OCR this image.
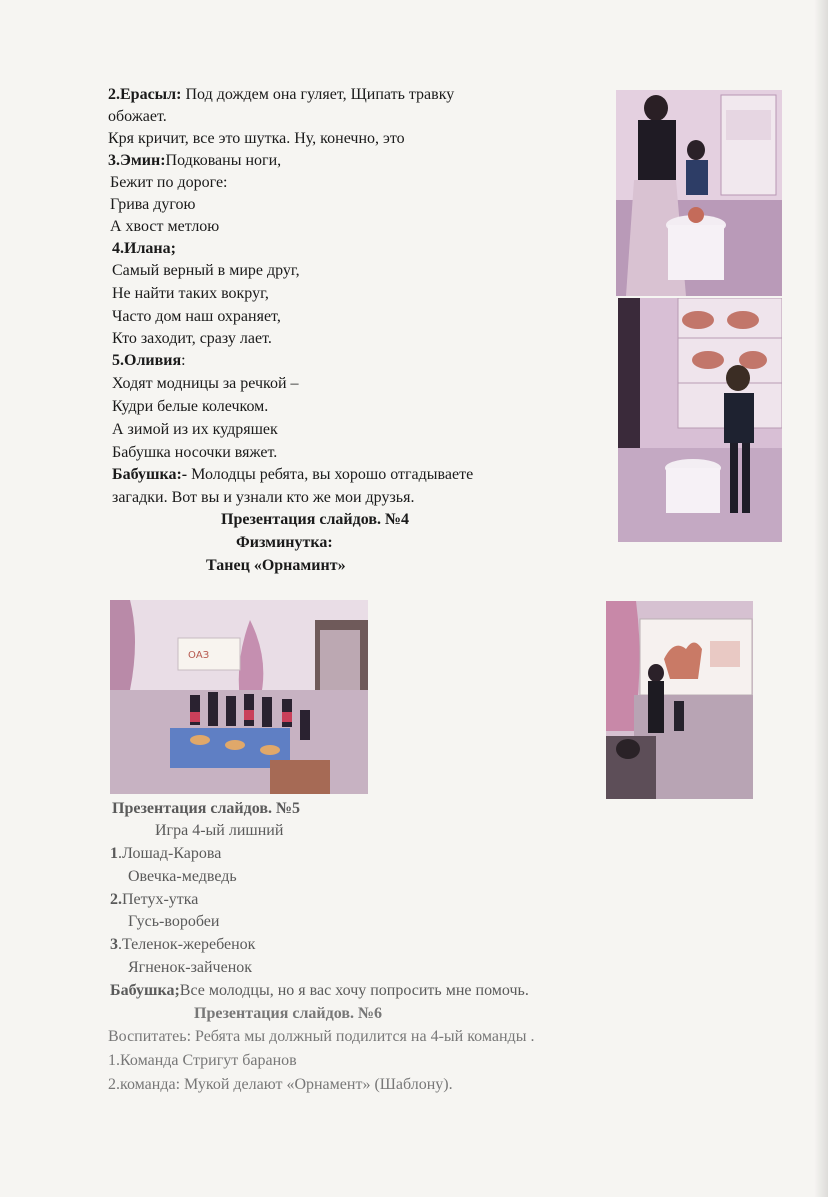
2.Ерасыл: Под дождем она гуляет, Щипать травку
обожает.
Кря кричит, все это шутка. Ну, конечно, это
3.Эмин:Подкованы ноги,
Бежит по дороге:
Грива дугою
А хвост метлою
4.Илана;
Самый верный в мире друг,
Не найти таких вокруг,
Часто дом наш охраняет,
Кто заходит, сразу лает.
5.Оливия:
Ходят модницы за речкой –
Кудри белые колечком.
А зимой из их кудряшек
Бабушка носочки вяжет.
Бабушка:- Молодцы ребята, вы хорошо отгадываете
загадки. Вот вы и узнали кто же мои друзья.
Презентация слайдов. №4
Физминутка:
Танец «Орнаминт»
ОАЗ
Презентация слайдов. №5
Игра 4-ый лишний
1.Лошад-Карова
Овечка-медведь
2.Петух-утка
Гусь-воробеи
3.Теленок-жеребенок
Ягненок-зайченок
Бабушка;Все молодцы, но я вас хочу попросить мне помочь.
Презентация слайдов. №6
Воспитатеь: Ребята мы должный подилится на 4-ый команды .
1.Команда Стригут баранов
2.команда: Мукой делают «Орнамент» (Шаблону).
